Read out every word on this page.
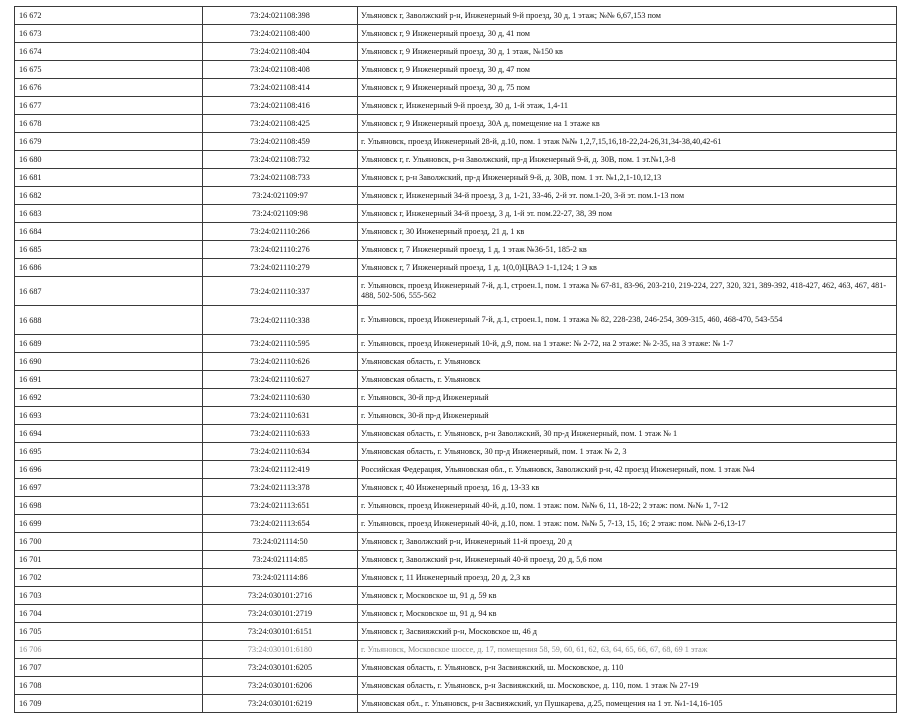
16 672	73:24:021108:398	Ульяновск г, Заволжский р-н, Инженерный 9-й проезд, 30 д, 1 этаж; №№ 6,67,153 пом
16 673	73:24:021108:400	Ульяновск г, 9 Инженерный проезд, 30 д, 41 пом
16 674	73:24:021108:404	Ульяновск г, 9 Инженерный проезд, 30 д, 1 этаж, №150 кв
16 675	73:24:021108:408	Ульяновск г, 9 Инженерный проезд, 30 д, 47 пом
16 676	73:24:021108:414	Ульяновск г, 9 Инженерный проезд, 30 д, 75 пом
16 677	73:24:021108:416	Ульяновск г, Инженерный 9-й проезд, 30 д, 1-й этаж, 1,4-11
16 678	73:24:021108:425	Ульяновск г, 9 Инженерный проезд, 30А д, помещение на 1 этаже кв
16 679	73:24:021108:459	г. Ульяновск, проезд Инженерный 28-й, д.10, пом. 1 этаж №№ 1,2,7,15,16,18-22,24-26,31,34-38,40,42-61
16 680	73:24:021108:732	Ульяновск г, г. Ульяновск, р-н Заволжский, пр-д Инженерный 9-й, д. 30В, пом. 1 эт.№1,3-8
16 681	73:24:021108:733	Ульяновск г, р-н Заволжский, пр-д Инженерный 9-й, д. 30В, пом. 1 эт. №1,2,1-10,12,13
16 682	73:24:021109:97	Ульяновск г, Инженерный 34-й проезд, 3 д, 1-21, 33-46, 2-й эт. пом.1-20, 3-й эт. пом.1-13 пом
16 683	73:24:021109:98	Ульяновск г, Инженерный 34-й проезд, 3 д, 1-й эт. пом.22-27, 38, 39 пом
16 684	73:24:021110:266	Ульяновск г, 30 Инженерный проезд, 21 д, 1 кв
16 685	73:24:021110:276	Ульяновск г, 7 Инженерный проезд, 1 д, 1 этаж №36-51, 185-2 кв
16 686	73:24:021110:279	Ульяновск г, 7 Инженерный проезд, 1 д, 1(0,0)ЦВАЭ 1-1,124; 1 Э кв
16 687	73:24:021110:337	г. Ульяновск, проезд Инженерный 7-й, д.1, строен.1, пом. 1 этажа № 67-81, 83-96, 203-210, 219-224, 227, 320, 321, 389-392, 418-427, 462, 463, 467, 481-488, 502-506, 555-562
16 688	73:24:021110:338	г. Ульяновск, проезд Инженерный 7-й, д.1, строен.1, пом. 1 этажа № 82, 228-238, 246-254, 309-315, 460, 468-470, 543-554
16 689	73:24:021110:595	г. Ульяновск, проезд Инженерный 10-й, д.9, пом. на 1 этаже: № 2-72, на 2 этаже: № 2-35, на 3 этаже: № 1-7
16 690	73:24:021110:626	Ульяновская область, г. Ульяновск
16 691	73:24:021110:627	Ульяновская область, г. Ульяновск
16 692	73:24:021110:630	г. Ульяновск, 30-й пр-д Инженерный
16 693	73:24:021110:631	г. Ульяновск, 30-й пр-д Инженерный
16 694	73:24:021110:633	Ульяновская область, г. Ульяновск, р-н Заволжский, 30 пр-д Инженерный, пом. 1 этаж № 1
16 695	73:24:021110:634	Ульяновская область, г. Ульяновск, 30 пр-д Инженерный, пом. 1 этаж № 2, 3
16 696	73:24:021112:419	Российская Федерация, Ульяновская обл., г. Ульяновск, Заволжский р-н, 42 проезд Инженерный, пом. 1 этаж №4
16 697	73:24:021113:378	Ульяновск г, 40 Инженерный проезд, 16 д, 13-33 кв
16 698	73:24:021113:651	г. Ульяновск, проезд Инженерный 40-й, д.10, пом. 1 этаж: пом. №№ 6, 11, 18-22; 2 этаж: пом. №№ 1, 7-12
16 699	73:24:021113:654	г. Ульяновск, проезд Инженерный 40-й, д.10, пом. 1 этаж: пом. №№ 5, 7-13, 15, 16; 2 этаж: пом. №№ 2-6,13-17
16 700	73:24:021114:50	Ульяновск г, Заволжский р-н, Инженерный 11-й проезд, 20 д
16 701	73:24:021114:85	Ульяновск г, Заволжский р-н, Инженерный 40-й проезд, 20 д, 5,6 пом
16 702	73:24:021114:86	Ульяновск г, 11 Инженерный проезд, 20 д, 2,3 кв
16 703	73:24:030101:2716	Ульяновск г, Московское ш, 91 д, 59 кв
16 704	73:24:030101:2719	Ульяновск г, Московское ш, 91 д, 94 кв
16 705	73:24:030101:6151	Ульяновск г, Засвияжский р-н, Московское ш, 46 д
16 706	73:24:030101:6180	г. Ульяновск, Московское шоссе, д. 17, помещения 58, 59, 60, 61, 62, 63, 64, 65, 66, 67, 68, 69 1 этаж
16 707	73:24:030101:6205	Ульяновская область, г. Ульяновск, р-н Засвияжский, ш. Московское, д. 110
16 708	73:24:030101:6206	Ульяновская область, г. Ульяновск, р-н Засвияжский, ш. Московское, д. 110, пом. 1 этаж № 27-19
16 709	73:24:030101:6219	Ульяновская обл., г. Ульяновск, р-н Засвияжский, ул Пушкарева, д.25, помещения на 1 эт. №1-14,16-105
